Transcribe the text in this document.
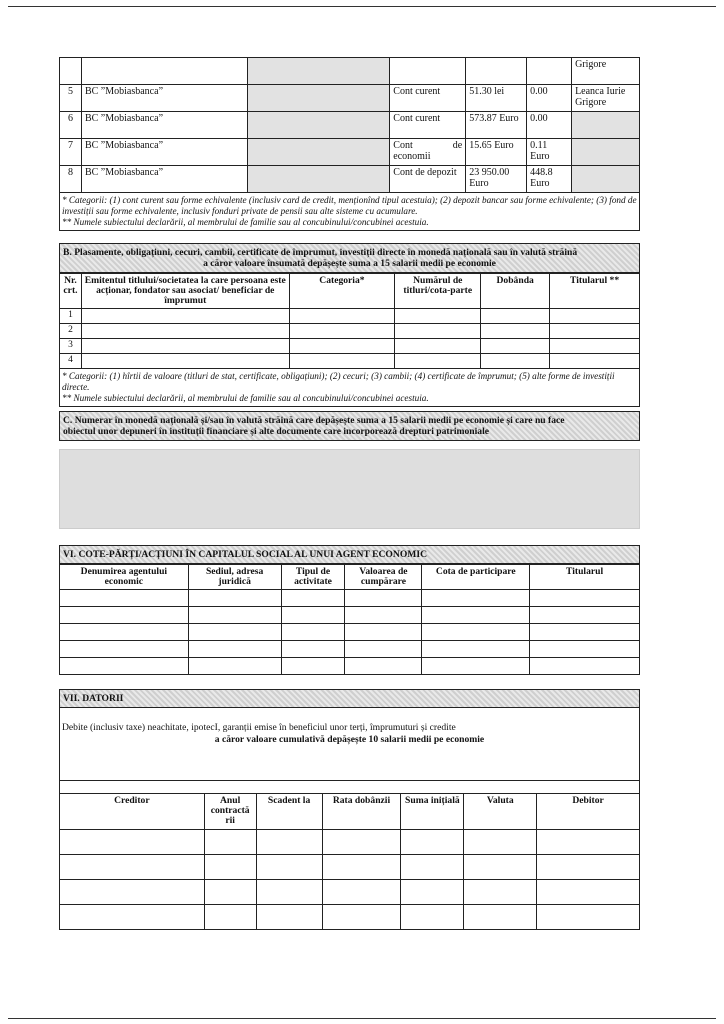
						Grigore
5	BC ”Mobiasbanca”		Cont curent	51.30 lei	0.00	Leanca Iurie Grigore
6	BC ”Mobiasbanca”		Cont curent	573.87 Euro	0.00	
7	BC ”Mobiasbanca”		Cont de economii	15.65 Euro	0.11 Euro	
8	BC ”Mobiasbanca”		Cont de depozit	23 950.00 Euro	448.8 Euro	
* Categorii: (1) cont curent sau forme echivalente (inclusiv card de credit, menționînd tipul acestuia); (2) depozit bancar sau forme echivalente; (3) fond de investiții sau forme echivalente, inclusiv fonduri private de pensii sau alte sisteme cu acumulare.
** Numele subiectului declarării, al membrului de familie sau al concubinului/concubinei acestuia.
B. Plasamente, obligațiuni, cecuri, cambii, certificate de împrumut, investiții directe în monedă națională sau în valută străină
a căror valoare însumată depășește suma a 15 salarii medii pe economie
Nr. crt.	Emitentul titlului/societatea la care persoana este acționar, fondator sau asociat/ beneficiar de împrumut	Categoria*	Numărul de titluri/cota-parte	Dobânda	Titularul **
1					
2					
3					
4					
* Categorii: (1) hîrtii de valoare (titluri de stat, certificate, obligațiuni); (2) cecuri; (3) cambii; (4) certificate de împrumut; (5) alte forme de investiții directe.
** Numele subiectului declarării, al membrului de familie sau al concubinului/concubinei acestuia.
C. Numerar în monedă națională și/sau în valută străină care depășește suma a 15 salarii medii pe economie și care nu face
obiectul unor depuneri în instituții financiare și alte documente care incorporează drepturi patrimoniale
VI. COTE-PĂRȚI/ACȚIUNI ÎN CAPITALUL SOCIAL AL UNUI AGENT ECONOMIC
Denumirea agentului economic	Sediul, adresa juridică	Tipul de activitate	Valoarea de cumpărare	Cota de participare	Titularul

VII. DATORII
Debite (inclusiv taxe) neachitate, ipotecI, garanții emise în beneficiul unor terți, împrumuturi și credite
a căror valoare cumulativă depășește 10 salarii medii pe economie
Creditor	Anul contractă rii	Scadent la	Rata dobânzii	Suma inițială	Valuta	Debitor
